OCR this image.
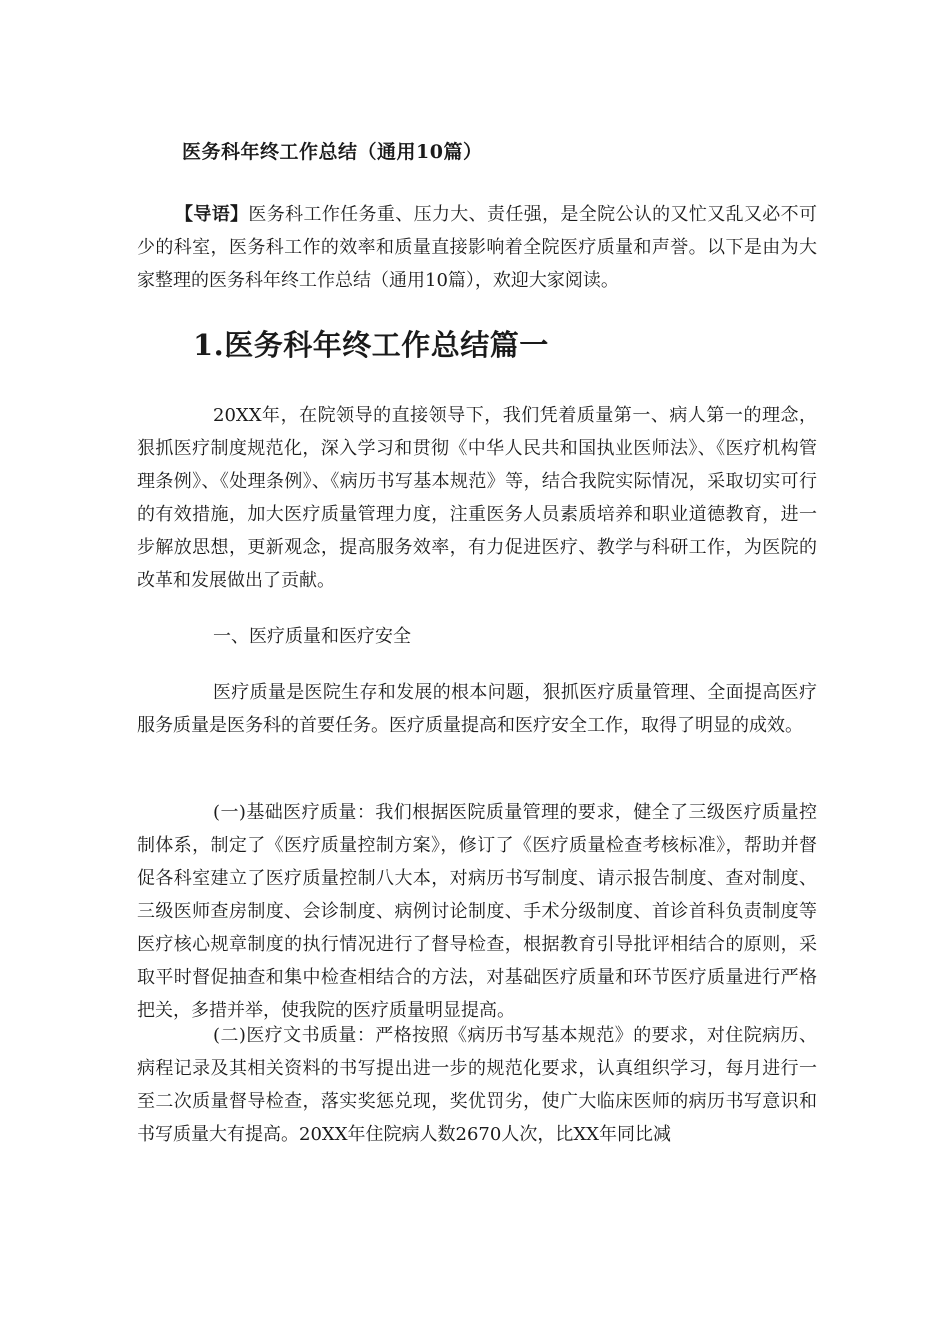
医务科年终工作总结（通用10篇）

【导语】医务科工作任务重、压力大、责任强，是全院公认的又忙又乱又必不可少的科室，医务科工作的效率和质量直接影响着全院医疗质量和声誉。以下是由为大家整理的医务科年终工作总结（通用10篇），欢迎大家阅读。

1.医务科年终工作总结篇一

20XX年，在院领导的直接领导下，我们凭着质量第一、病人第一的理念，狠抓医疗制度规范化，深入学习和贯彻《中华人民共和国执业医师法》、《医疗机构管理条例》、《处理条例》、《病历书写基本规范》等，结合我院实际情况，采取切实可行的有效措施，加大医疗质量管理力度，注重医务人员素质培养和职业道德教育，进一步解放思想，更新观念，提高服务效率，有力促进医疗、教学与科研工作，为医院的改革和发展做出了贡献。

一、医疗质量和医疗安全

医疗质量是医院生存和发展的根本问题，狠抓医疗质量管理、全面提高医疗服务质量是医务科的首要任务。医疗质量提高和医疗安全工作，取得了明显的成效。

(一)基础医疗质量：我们根据医院质量管理的要求，健全了三级医疗质量控制体系，制定了《医疗质量控制方案》，修订了《医疗质量检查考核标准》，帮助并督促各科室建立了医疗质量控制八大本，对病历书写制度、请示报告制度、查对制度、三级医师查房制度、会诊制度、病例讨论制度、手术分级制度、首诊首科负责制度等医疗核心规章制度的执行情况进行了督导检查，根据教育引导批评相结合的原则，采取平时督促抽查和集中检查相结合的方法，对基础医疗质量和环节医疗质量进行严格把关，多措并举，使我院的医疗质量明显提高。

(二)医疗文书质量：严格按照《病历书写基本规范》的要求，对住院病历、病程记录及其相关资料的书写提出进一步的规范化要求，认真组织学习，每月进行一至二次质量督导检查，落实奖惩兑现，奖优罚劣，使广大临床医师的病历书写意识和书写质量大有提高。20XX年住院病人数2670人次，比XX年同比减
